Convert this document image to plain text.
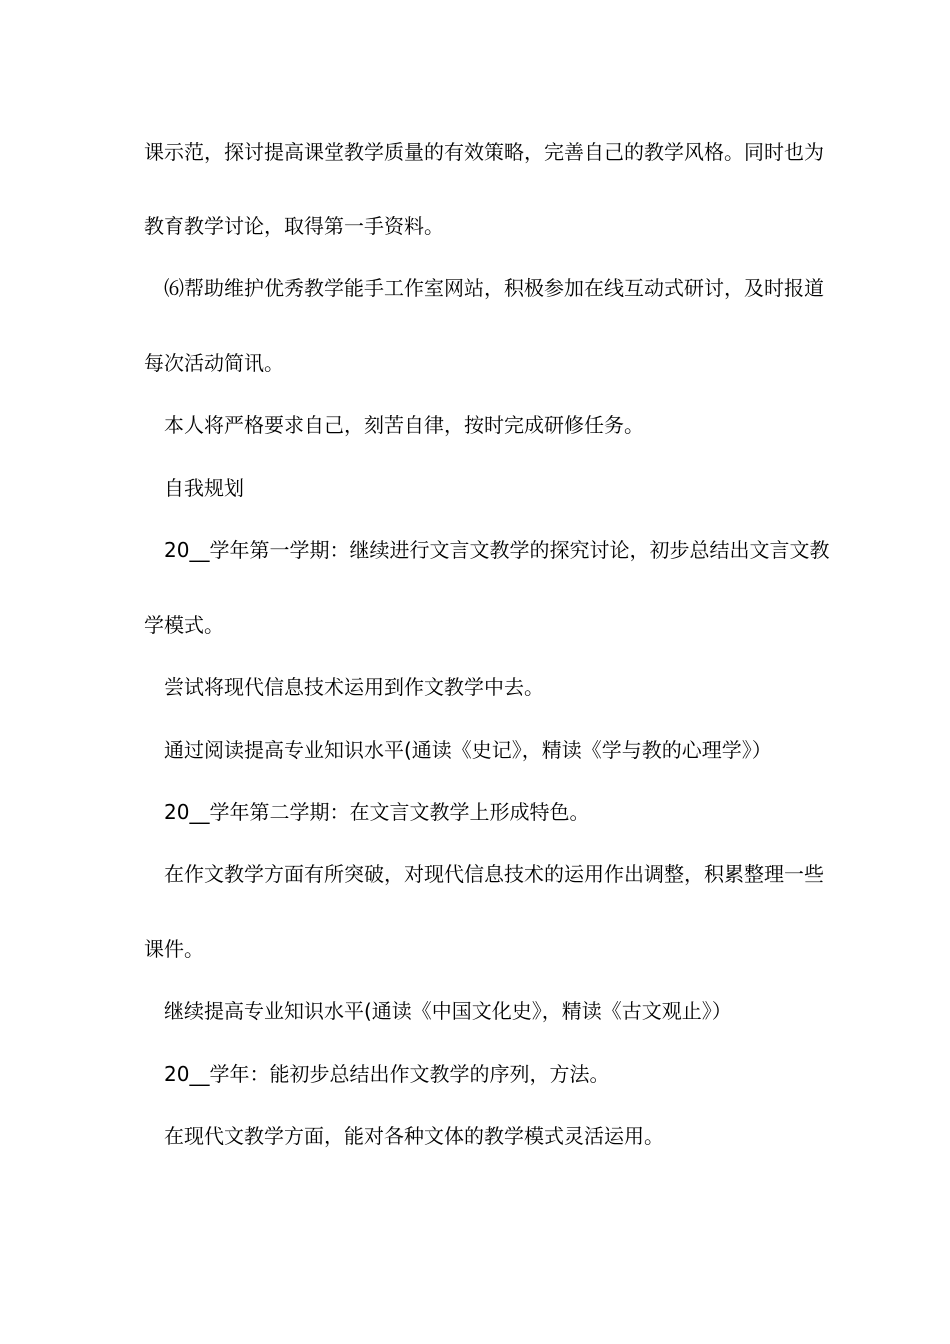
课示范，探讨提高课堂教学质量的有效策略，完善自己的教学风格。同时也为
教育教学讨论，取得第一手资料。
⑹帮助维护优秀教学能手工作室网站，积极参加在线互动式研讨，及时报道
每次活动简讯。
本人将严格要求自己，刻苦自律，按时完成研修任务。
自我规划
20__学年第一学期：继续进行文言文教学的探究讨论，初步总结出文言文教
学模式。
尝试将现代信息技术运用到作文教学中去。
通过阅读提高专业知识水平(通读《史记》，精读《学与教的心理学》）
20__学年第二学期：在文言文教学上形成特色。
在作文教学方面有所突破，对现代信息技术的运用作出调整，积累整理一些
课件。
继续提高专业知识水平(通读《中国文化史》，精读《古文观止》）
20__学年：能初步总结出作文教学的序列，方法。
在现代文教学方面，能对各种文体的教学模式灵活运用。
